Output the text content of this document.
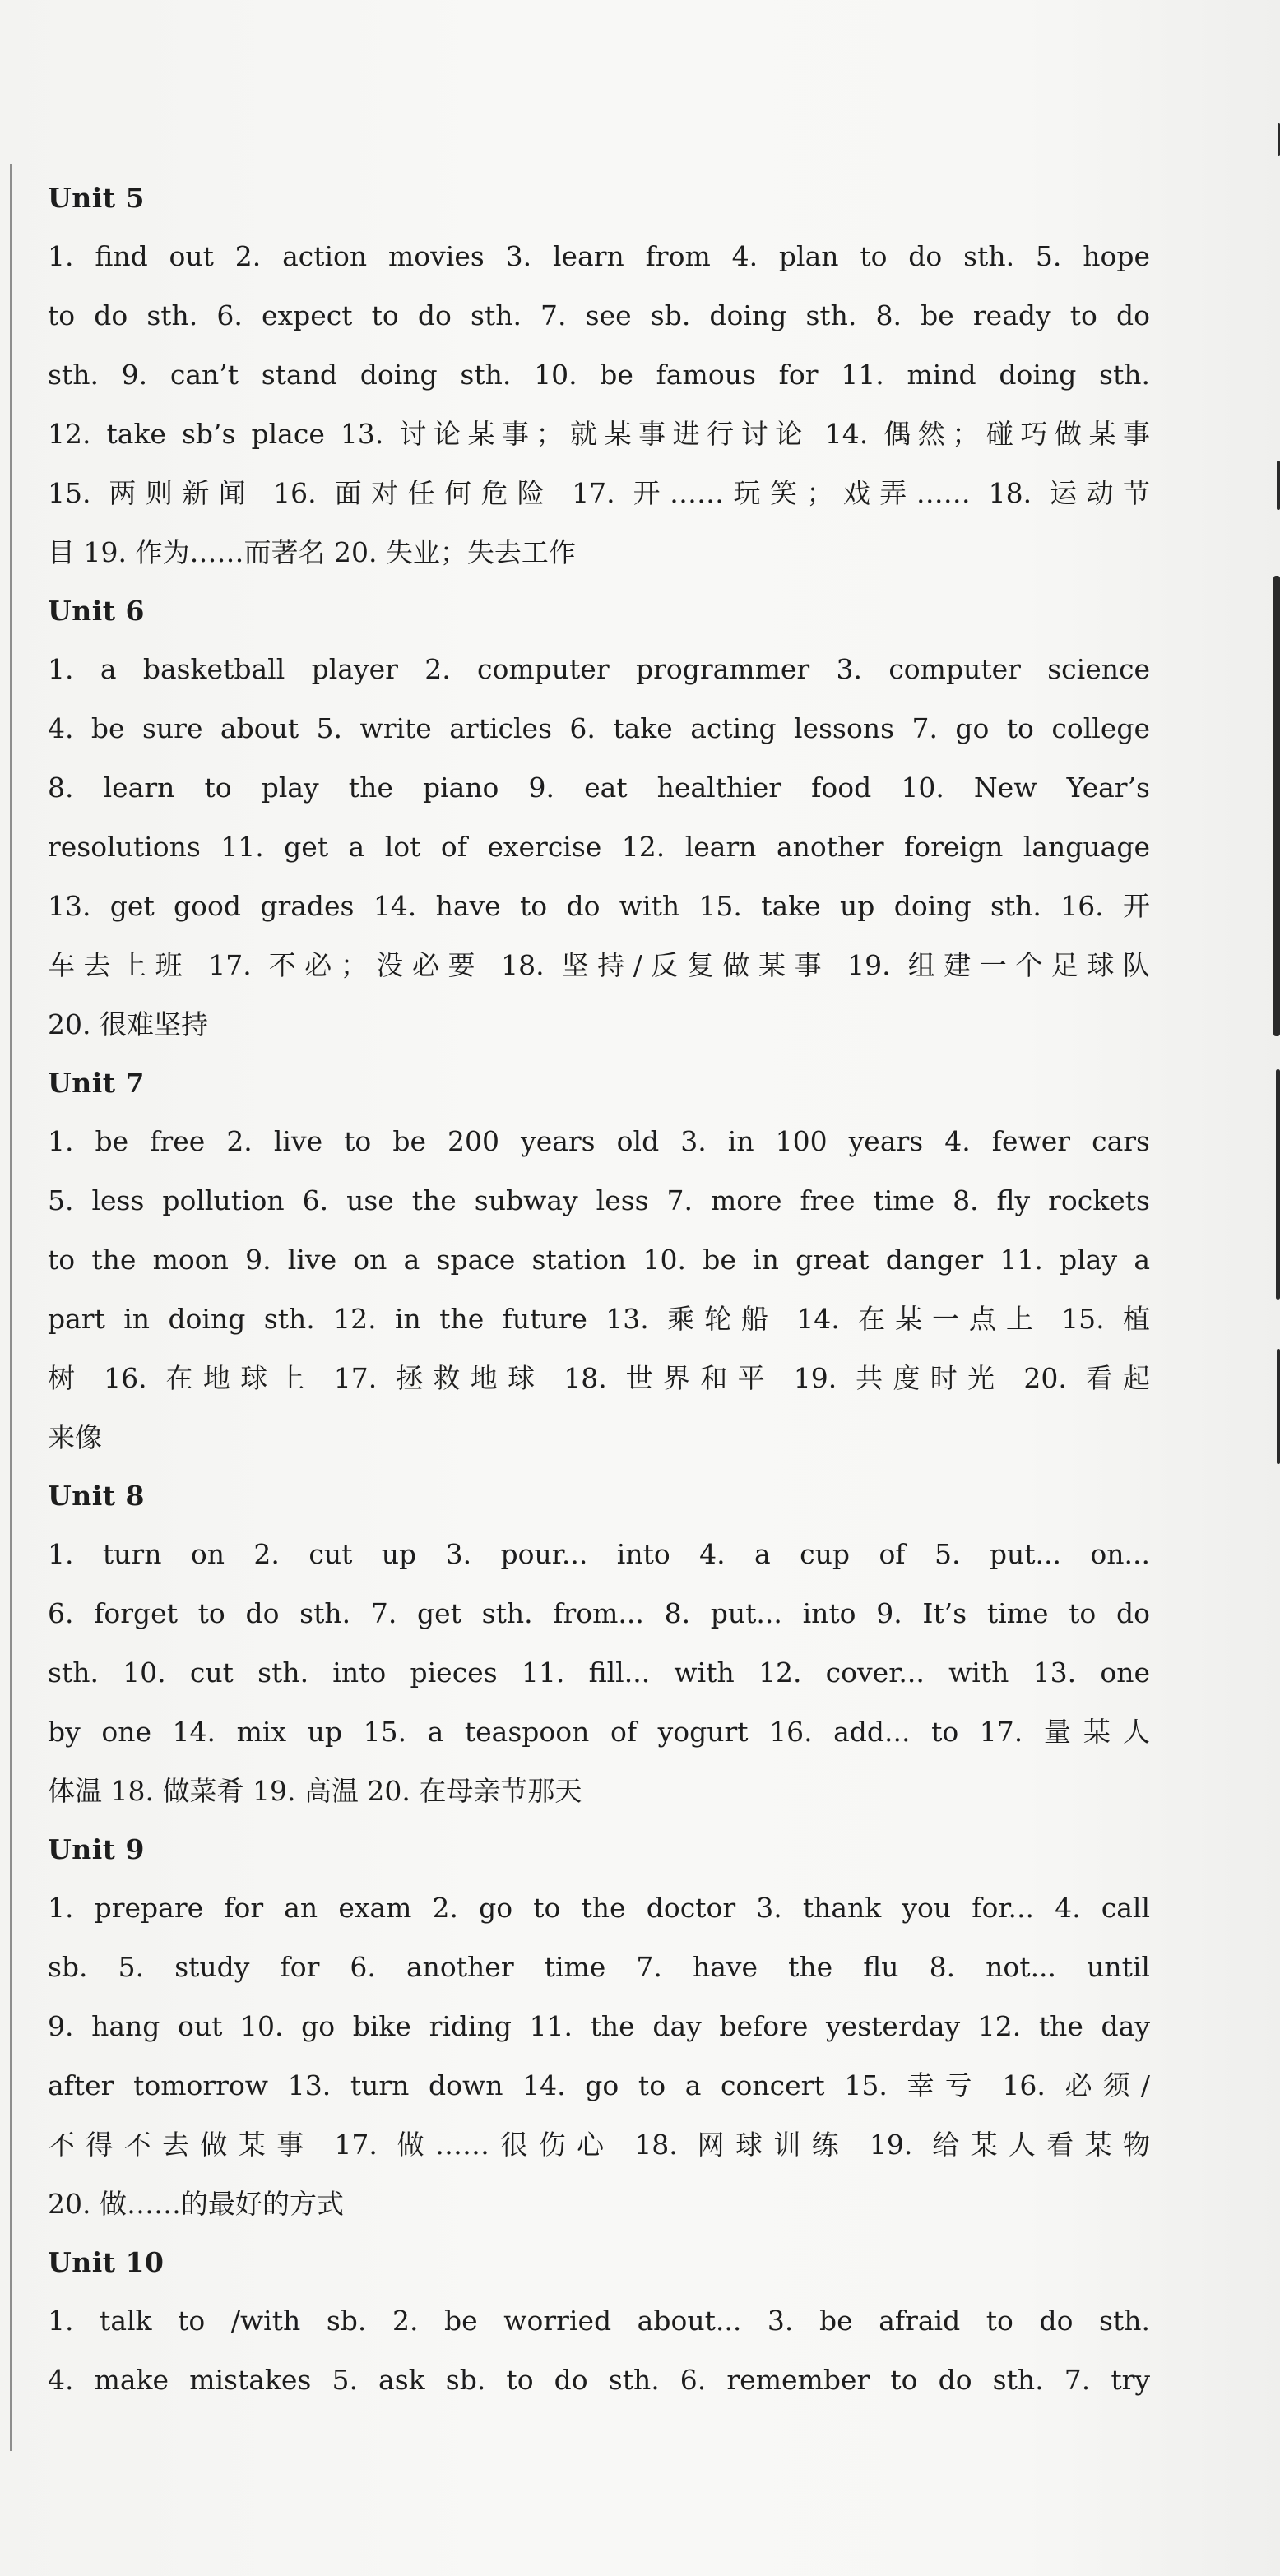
Unit 5
1. find out 2. action movies 3. learn from 4. plan to do sth. 5. hope
to do sth. 6. expect to do sth. 7. see sb. doing sth. 8. be ready to do
sth. 9. can’t stand doing sth. 10. be famous for 11. mind doing sth.
12. take sb’s place 13. 讨论某事；就某事进行讨论 14. 偶然；碰巧做某事
15. 两则新闻 16. 面对任何危险 17. 开……玩笑；戏弄…… 18. 运动节
目 19. 作为……而著名 20. 失业；失去工作
Unit 6
1. a basketball player 2. computer programmer 3. computer science
4. be sure about 5. write articles 6. take acting lessons 7. go to college
8. learn to play the piano 9. eat healthier food 10. New Year’s
resolutions 11. get a lot of exercise 12. learn another foreign language
13. get good grades 14. have to do with 15. take up doing sth. 16. 开
车去上班 17. 不必；没必要 18. 坚持/反复做某事 19. 组建一个足球队
20. 很难坚持
Unit 7
1. be free 2. live to be 200 years old 3. in 100 years 4. fewer cars
5. less pollution 6. use the subway less 7. more free time 8. fly rockets
to the moon 9. live on a space station 10. be in great danger 11. play a
part in doing sth. 12. in the future 13. 乘轮船 14. 在某一点上 15. 植
树 16. 在地球上 17. 拯救地球 18. 世界和平 19. 共度时光 20. 看起
来像
Unit 8
1. turn on 2. cut up 3. pour... into 4. a cup of 5. put... on...
6. forget to do sth. 7. get sth. from... 8. put... into 9. It’s time to do
sth. 10. cut sth. into pieces 11. fill... with 12. cover... with 13. one
by one 14. mix up 15. a teaspoon of yogurt 16. add... to 17. 量某人
体温 18. 做菜肴 19. 高温 20. 在母亲节那天
Unit 9
1. prepare for an exam 2. go to the doctor 3. thank you for... 4. call
sb. 5. study for 6. another time 7. have the flu 8. not... until
9. hang out 10. go bike riding 11. the day before yesterday 12. the day
after tomorrow 13. turn down 14. go to a concert 15. 幸亏 16. 必须/
不得不去做某事 17. 做……很伤心 18. 网球训练 19. 给某人看某物
20. 做……的最好的方式
Unit 10
1. talk to /with sb. 2. be worried about... 3. be afraid to do sth.
4. make mistakes 5. ask sb. to do sth. 6. remember to do sth. 7. try
